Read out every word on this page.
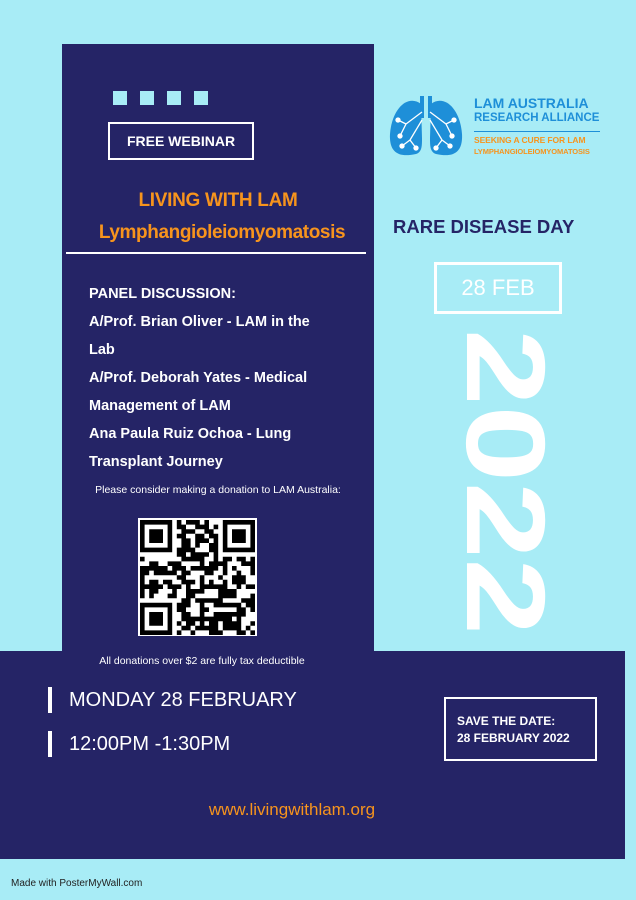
FREE WEBINAR
LIVING WITH LAM
Lymphangioleiomyomatosis
PANEL DISCUSSION:
A/Prof. Brian Oliver - LAM in the
Lab
A/Prof. Deborah Yates - Medical
Management of LAM
Ana Paula Ruiz Ochoa - Lung
Transplant Journey
Please consider making a donation to LAM Australia:
All donations over $2 are fully tax deductible
MONDAY 28 FEBRUARY
12:00PM -1:30PM
SAVE THE DATE:
28 FEBRUARY 2022
www.livingwithlam.org
LAM AUSTRALIA
RESEARCH ALLIANCE
SEEKING A CURE FOR LAM
LYMPHANGIOLEIOMYOMATOSIS
RARE DISEASE DAY
28 FEB
2022
Made with PosterMyWall.com
